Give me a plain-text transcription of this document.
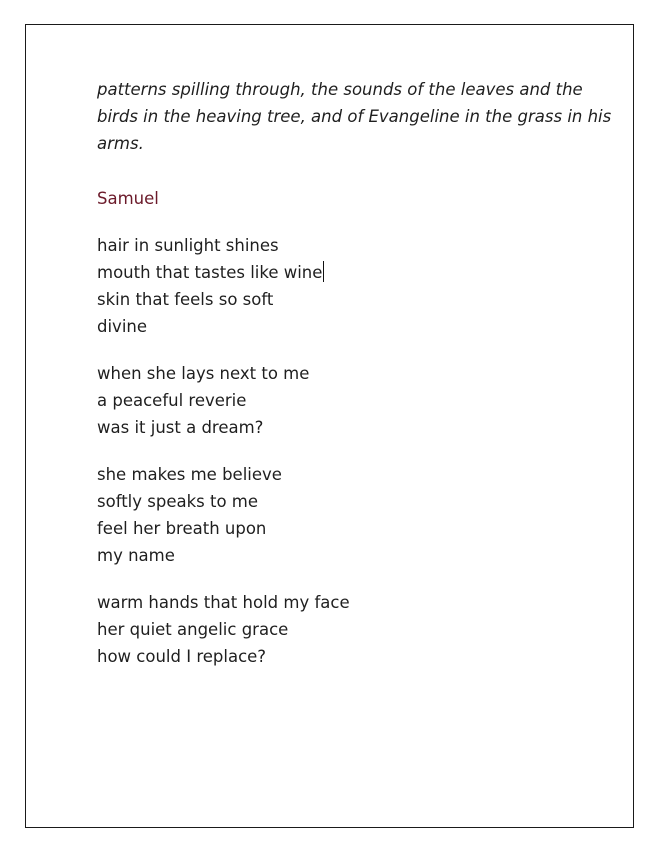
patterns spilling through, the sounds of the leaves and the
birds in the heaving tree, and of Evangeline in the grass in his
arms.

Samuel
hair in sunlight shines
mouth that tastes like wine
skin that feels so soft
divine
when she lays next to me
a peaceful reverie
was it just a dream?
she makes me believe
softly speaks to me
feel her breath upon
my name
warm hands that hold my face
her quiet angelic grace
how could I replace?
